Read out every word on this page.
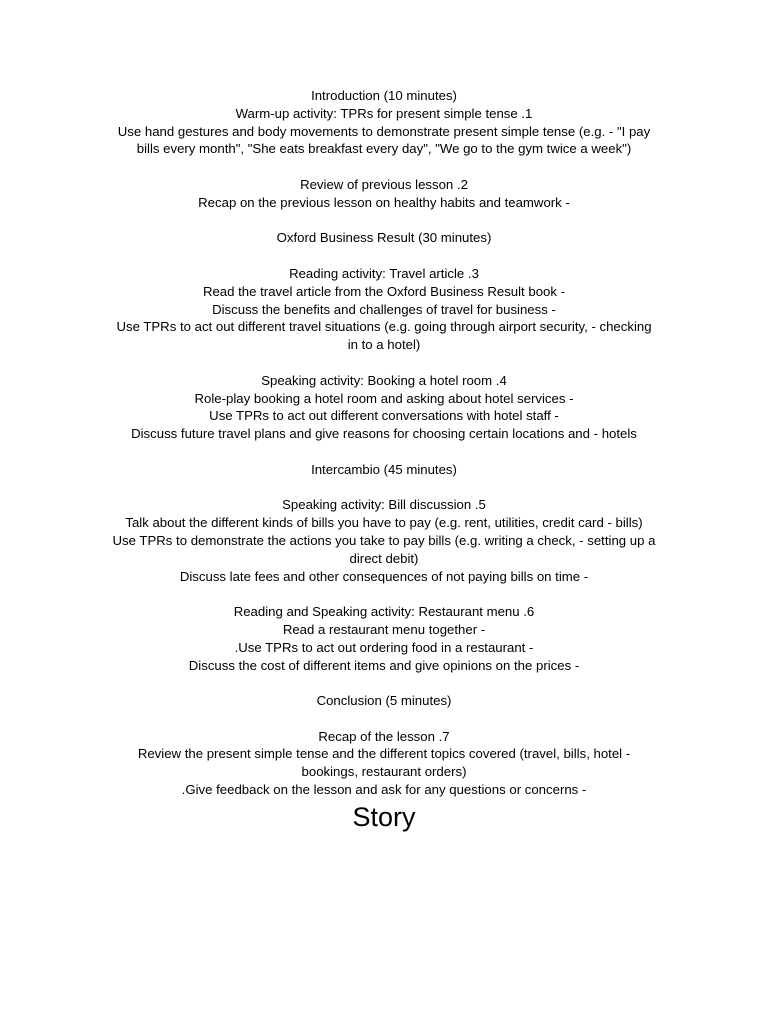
Introduction (10 minutes)
Warm-up activity: TPRs for present simple tense .1
Use hand gestures and body movements to demonstrate present simple tense (e.g. - "I pay bills every month", "She eats breakfast every day", "We go to the gym twice a week")
Review of previous lesson .2
Recap on the previous lesson on healthy habits and teamwork -
Oxford Business Result (30 minutes)
Reading activity: Travel article .3
Read the travel article from the Oxford Business Result book -
Discuss the benefits and challenges of travel for business -
Use TPRs to act out different travel situations (e.g. going through airport security, - checking in to a hotel)
Speaking activity: Booking a hotel room .4
Role-play booking a hotel room and asking about hotel services -
Use TPRs to act out different conversations with hotel staff -
Discuss future travel plans and give reasons for choosing certain locations and - hotels
Intercambio (45 minutes)
Speaking activity: Bill discussion .5
Talk about the different kinds of bills you have to pay (e.g. rent, utilities, credit card - bills)
Use TPRs to demonstrate the actions you take to pay bills (e.g. writing a check, - setting up a direct debit)
Discuss late fees and other consequences of not paying bills on time -
Reading and Speaking activity: Restaurant menu .6
Read a restaurant menu together -
.Use TPRs to act out ordering food in a restaurant -
Discuss the cost of different items and give opinions on the prices -
Conclusion (5 minutes)
Recap of the lesson .7
Review the present simple tense and the different topics covered (travel, bills, hotel - bookings, restaurant orders)
.Give feedback on the lesson and ask for any questions or concerns -
Story
